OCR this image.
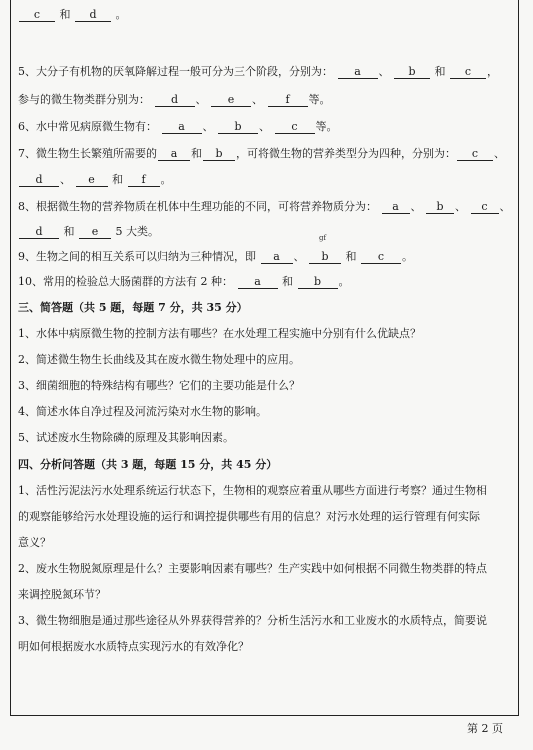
c 和 d 。
5、大分子有机物的厌氧降解过程一般可分为三个阶段，分别为： a 、 b 和 c ，
参与的微生物类群分别为： d 、 e 、 f 等。
6、水中常见病原微生物有： a 、 b 、 c 等。
7、微生物生长繁殖所需要的 a 和 b ，可将微生物的营养类型分为四种，分别为： c 、
d 、 e 和 f 。
8、根据微生物的营养物质在机体中生理功能的不同，可将营养物质分为： a 、 b 、 c 、
d 和 e 5 大类。	gf
9、生物之间的相互关系可以归纳为三种情况，即 a 、 b 和 c 。
10、常用的检验总大肠菌群的方法有 2 种： a 和 b 。
三、简答题（共 5 题，每题 7 分，共 35 分）
1、水体中病原微生物的控制方法有哪些？在水处理工程实施中分别有什么优缺点？
2、简述微生物生长曲线及其在废水微生物处理中的应用。
3、细菌细胞的特殊结构有哪些？它们的主要功能是什么？
4、简述水体自净过程及河流污染对水生物的影响。
5、试述废水生物除磷的原理及其影响因素。
四、分析问答题（共 3 题，每题 15 分，共 45 分）
1、活性污泥法污水处理系统运行状态下，生物相的观察应着重从哪些方面进行考察？通过生物相
的观察能够给污水处理设施的运行和调控提供哪些有用的信息？对污水处理的运行管理有何实际
意义？
2、废水生物脱氮原理是什么？主要影响因素有哪些？生产实践中如何根据不同微生物类群的特点
来调控脱氮环节？
3、微生物细胞是通过那些途径从外界获得营养的？分析生活污水和工业废水的水质特点，简要说
明如何根据废水水质特点实现污水的有效净化？
第 2 页
